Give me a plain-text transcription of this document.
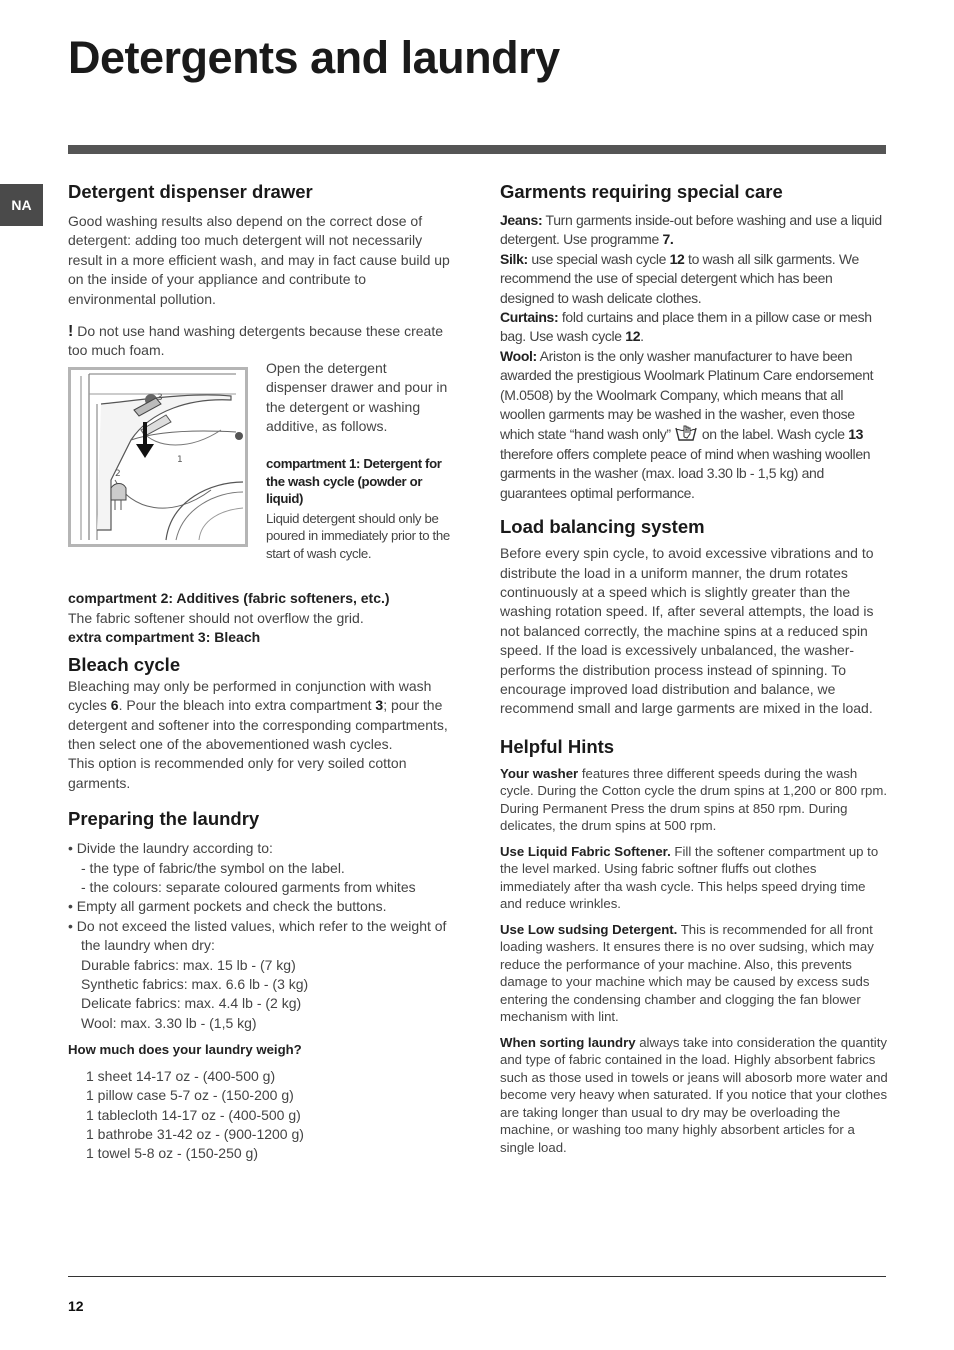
Detergents and laundry
NA
Detergent dispenser drawer

Good washing results also depend on the correct dose of detergent: adding too much detergent will not necessarily result in a more efficient wash, and may in fact cause build up on the inside of your appliance and contribute to environmental pollution.

! Do not use hand washing detergents because these create too much foam.

3
1
2

Open the detergent dispenser drawer and pour in the detergent or washing additive, as follows.

compartment 1: Detergent for the wash cycle (powder or liquid)

Liquid detergent should only be poured in immediately prior to the start of wash cycle.

compartment 2: Additives (fabric softeners, etc.)

The fabric softener should not overflow the grid.

extra compartment 3: Bleach

Bleach cycle

Bleaching may only be performed in conjunction with wash cycles 6. Pour the bleach into extra compartment 3; pour the detergent and softener into the corresponding compartments, then select one of the abovementioned wash cycles.

This option is recommended only for very soiled cotton garments.

Preparing the laundry

• Divide the laundry according to:

- the type of fabric/the symbol on the label.

- the colours: separate coloured garments from whites

• Empty all garment pockets and check the buttons.

• Do not exceed the listed values, which refer to the weight of the laundry when dry:

Durable fabrics: max. 15 lb - (7 kg)

Synthetic fabrics: max. 6.6 lb - (3 kg)

Delicate fabrics: max. 4.4 lb - (2 kg)

Wool: max. 3.30 lb - (1,5 kg)

How much does your laundry weigh?

1 sheet 14-17 oz - (400-500 g)

1 pillow case 5-7 oz - (150-200 g)

1 tablecloth 14-17 oz - (400-500 g)

1 bathrobe 31-42 oz - (900-1200 g)

1 towel 5-8 oz - (150-250 g)

Garments requiring special care

Jeans: Turn garments inside-out before washing and use a liquid detergent. Use programme 7.

Silk: use special wash cycle 12 to wash all silk garments. We recommend the use of special detergent which has been designed to wash delicate clothes.

Curtains: fold curtains and place them in a pillow case or mesh bag. Use wash cycle 12.

Wool: Ariston is the only washer manufacturer to have been awarded the prestigious Woolmark Platinum Care endorsement (M.0508) by the Woolmark Company, which means that all woollen garments may be washed in the washer, even those which state “hand wash only”  on the label. Wash cycle 13 therefore offers complete peace of mind when washing woollen garments in the washer (max. load 3.30 lb - 1,5 kg) and guarantees optimal performance.

Load balancing system

Before every spin cycle, to avoid excessive vibrations and to distribute the load in a uniform manner, the drum rotates continuously at a speed which is slightly greater than the washing rotation speed. If, after several attempts, the load is not balanced correctly, the machine spins at a reduced spin speed. If the load is excessively unbalanced, the washer-performs the distribution process instead of spinning. To encourage improved load distribution and balance, we recommend small and large garments are mixed in the load.

Helpful Hints

Your washer features three different speeds during the wash cycle. During the Cotton cycle the drum spins at 1,200 or 800 rpm. During Permanent Press the drum spins at 850 rpm. During delicates, the drum spins at 500 rpm.

Use Liquid Fabric Softener. Fill the softener compartment up to the level marked. Using fabric softner fluffs out clothes immediately after tha wash cycle. This helps speed drying time and reduce wrinkles.

Use Low sudsing Detergent. This is recommended for all front loading washers. It ensures there is no over sudsing, which may reduce the performance of your machine. Also, this prevents damage to your machine which may be caused by excess suds entering the condensing chamber and clogging the fan blower mechanism with lint.

When sorting laundry always take into consideration the quantity and type of fabric contained in the load. Highly absorbent fabrics such as those used in towels or jeans will abosorb more water and become very heavy when saturated. If you notice that your clothes are taking longer than usual to dry may be overloading the machine, or washing too many highly absorbent articles for a single load.

12
